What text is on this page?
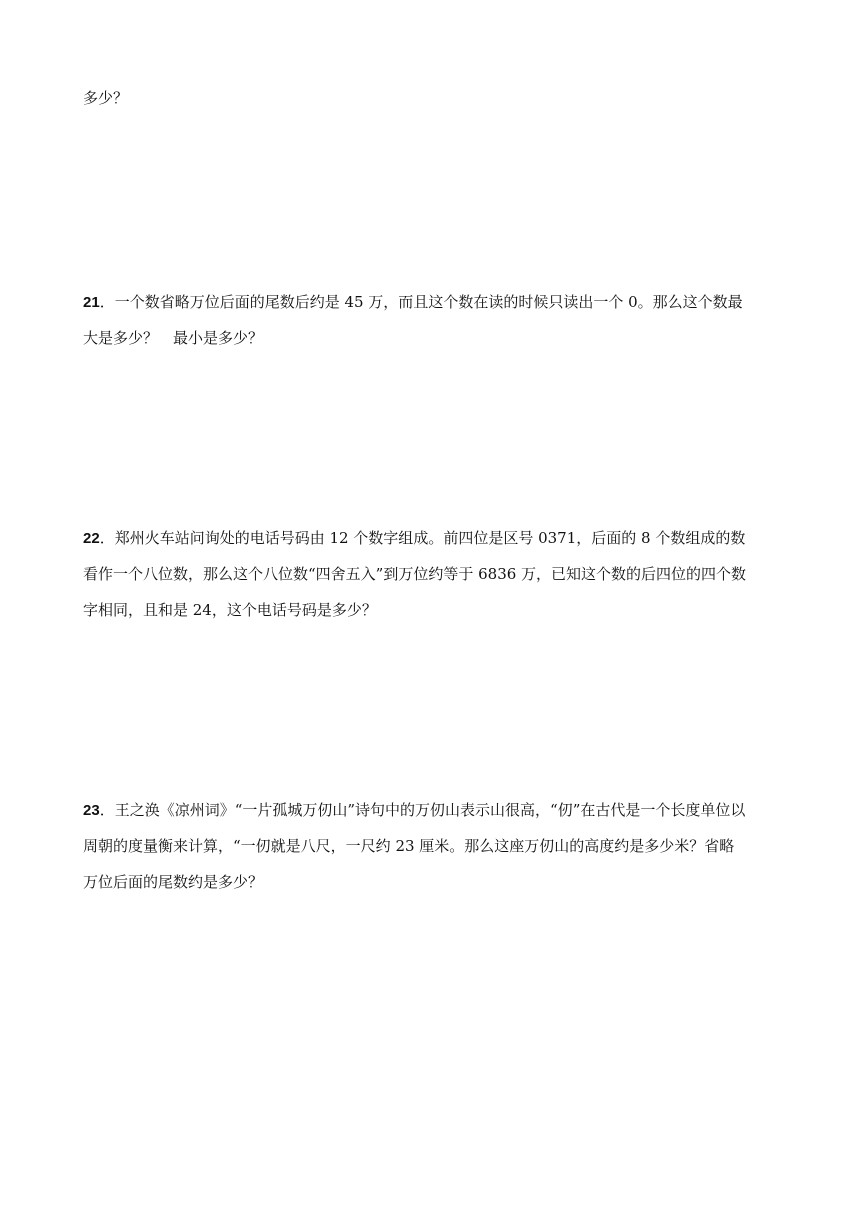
多少？
21．一个数省略万位后面的尾数后约是 45 万，而且这个数在读的时候只读出一个 0。那么这个数最
大是多少？　最小是多少？
22．郑州火车站问询处的电话号码由 12 个数字组成。前四位是区号 0371，后面的 8 个数组成的数
看作一个八位数，那么这个八位数“四舍五入”到万位约等于 6836 万，已知这个数的后四位的四个数
字相同，且和是 24，这个电话号码是多少？
23．王之涣《凉州词》“一片孤城万仞山”诗句中的万仞山表示山很高，“仞”在古代是一个长度单位以
周朝的度量衡来计算，“一仞就是八尺，一尺约 23 厘米。那么这座万仞山的高度约是多少米？省略
万位后面的尾数约是多少？
